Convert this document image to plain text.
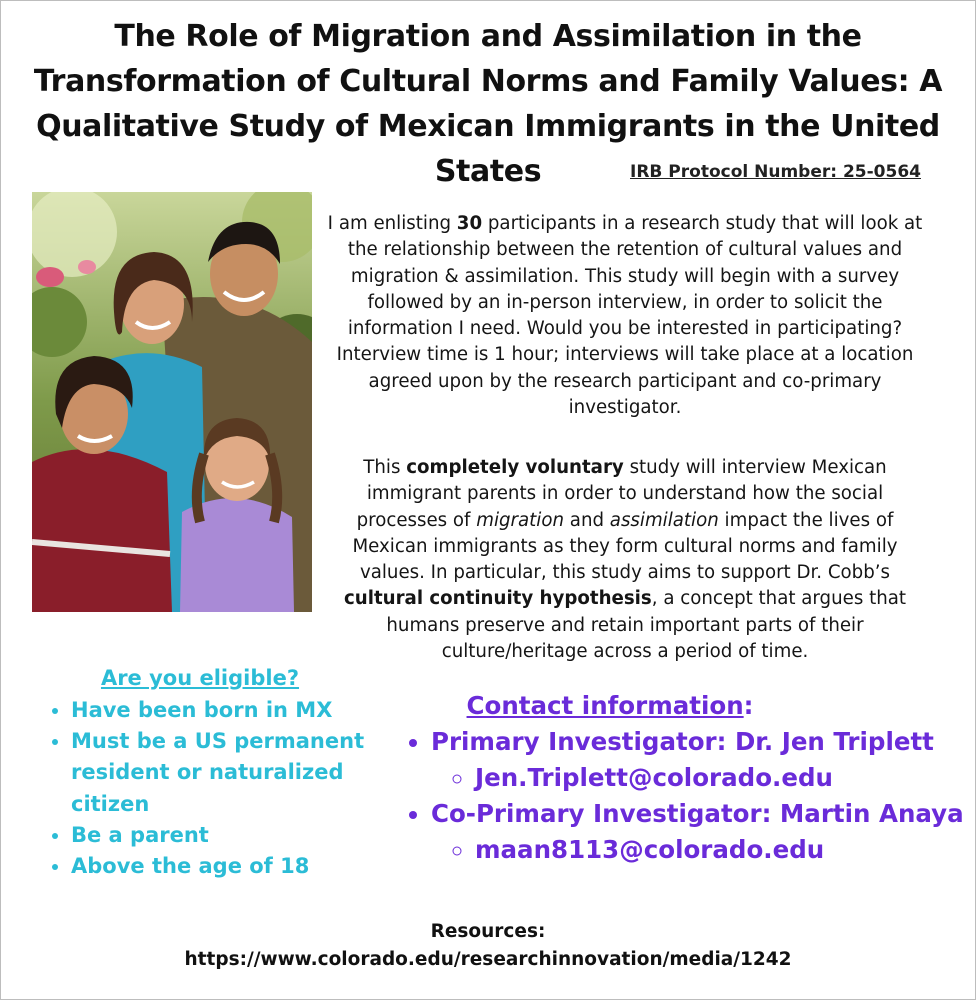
The Role of Migration and Assimilation in the Transformation of Cultural Norms and Family Values: A Qualitative Study of Mexican Immigrants in the United States	IRB Protocol Number: 25-0564

I am enlisting 30 participants in a research study that will look at the relationship between the retention of cultural values and migration & assimilation. This study will begin with a survey followed by an in-person interview, in order to solicit the information I need. Would you be interested in participating? Interview time is 1 hour; interviews will take place at a location agreed upon by the research participant and co-primary investigator.

This completely voluntary study will interview Mexican immigrant parents in order to understand how the social processes of migration and assimilation impact the lives of Mexican immigrants as they form cultural norms and family values. In particular, this study aims to support Dr. Cobb’s cultural continuity hypothesis, a concept that argues that humans preserve and retain important parts of their culture/heritage across a period of time.

Are you eligible?

• Have been born in MX
• Must be a US permanent resident or naturalized citizen
• Be a parent
• Above the age of 18

Contact information:

• Primary Investigator: Dr. Jen Triplett
◦ Jen.Triplett@colorado.edu
• Co-Primary Investigator: Martin Anaya
◦ maan8113@colorado.edu
Resources:
https://www.colorado.edu/researchinnovation/media/1242
